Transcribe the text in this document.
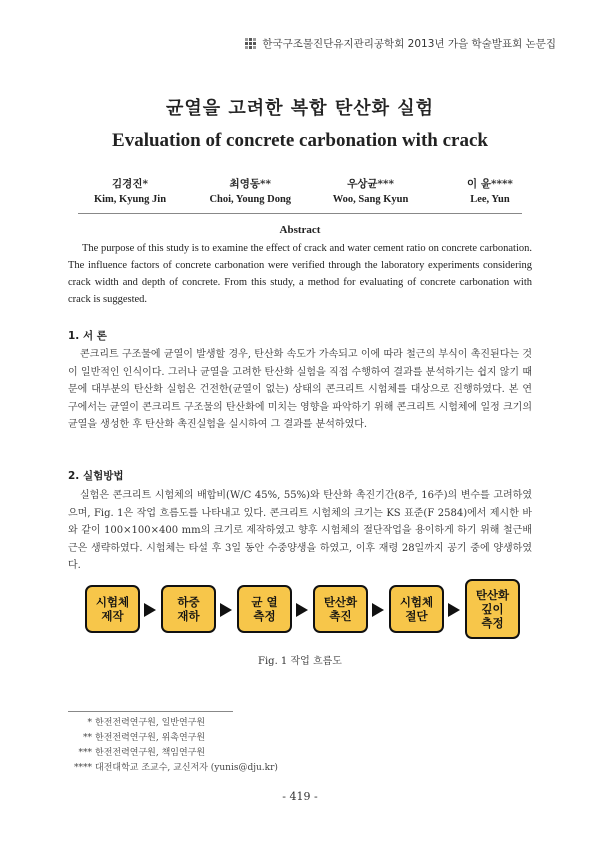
한국구조물진단유지관리공학회 2013년 가을 학술발표회 논문집
균열을 고려한 복합 탄산화 실험
Evaluation of concrete carbonation with crack
김경진*
Kim, Kyung Jin
최영동**
Choi, Young Dong
우상균***
Woo, Sang Kyun
이 윤****
Lee, Yun
Abstract
The purpose of this study is to examine the effect of crack and water cement ratio on concrete carbonation. The influence factors of concrete carbonation were verified through the laboratory experiments considering crack width and depth of concrete. From this study, a method for evaluating of concrete carbonation with crack is suggested.
1. 서 론
콘크리트 구조물에 균열이 발생할 경우, 탄산화 속도가 가속되고 이에 따라 철근의 부식이 촉진된다는 것이 일반적인 인식이다. 그러나 균열을 고려한 탄산화 실험을 직접 수행하여 결과를 분석하기는 쉽지 않기 때문에 대부분의 탄산화 실험은 건전한(균열이 없는) 상태의 콘크리트 시험체를 대상으로 진행하였다. 본 연구에서는 균열이 콘크리트 구조물의 탄산화에 미치는 영향을 파악하기 위해 콘크리트 시험체에 일정 크기의 균열을 생성한 후 탄산화 촉진실험을 실시하여 그 결과를 분석하였다.
2. 실험방법
실험은 콘크리트 시험체의 배합비(W/C 45%, 55%)와 탄산화 촉진기간(8주, 16주)의 변수를 고려하였으며, Fig. 1은 작업 흐름도를 나타내고 있다. 콘크리트 시험체의 크기는 KS 표준(F 2584)에서 제시한 바와 같이 100×100×400 mm의 크기로 제작하였고 향후 시험체의 절단작업을 용이하게 하기 위해 철근배근은 생략하였다. 시험체는 타설 후 3일 동안 수중양생을 하였고, 이후 재령 28일까지 공기 중에 양생하였다.
시험체
제작
하중
재하
균 열
측정
탄산화
촉진
시험체
절단
탄산화
깊이
측정
Fig. 1 작업 흐름도
* 한전전력연구원, 일반연구원
** 한전전력연구원, 위촉연구원
*** 한전전력연구원, 책임연구원
**** 대전대학교 조교수, 교신저자 (yunis@dju.kr)
- 419 -
